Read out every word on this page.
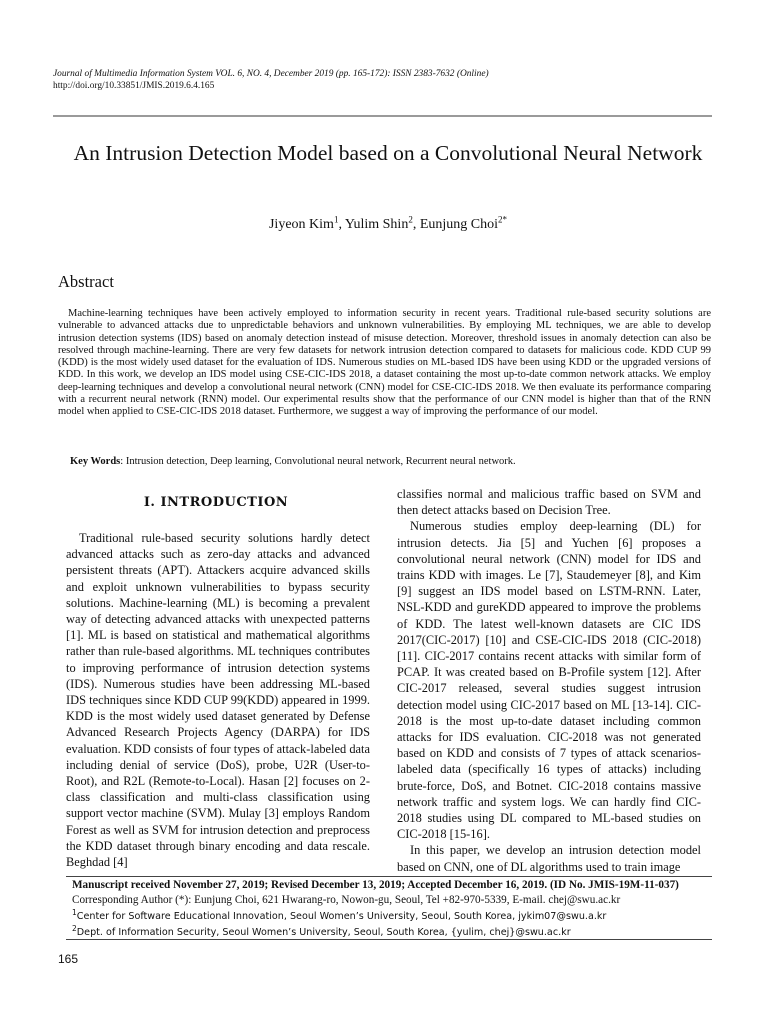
Journal of Multimedia Information System VOL. 6, NO. 4, December 2019 (pp. 165-172): ISSN 2383-7632 (Online)
http://doi.org/10.33851/JMIS.2019.6.4.165
An Intrusion Detection Model based on a Convolutional Neural Network
Jiyeon Kim$^1$, Yulim Shin$^2$, Eunjung Choi$^{2*}$
Abstract
Machine-learning techniques have been actively employed to information security in recent years. Traditional rule-based security solutions are vulnerable to advanced attacks due to unpredictable behaviors and unknown vulnerabilities. By employing ML techniques, we are able to develop intrusion detection systems (IDS) based on anomaly detection instead of misuse detection. Moreover, threshold issues in anomaly detection can also be resolved through machine-learning. There are very few datasets for network intrusion detection compared to datasets for malicious code. KDD CUP 99 (KDD) is the most widely used dataset for the evaluation of IDS. Numerous studies on ML-based IDS have been using KDD or the upgraded versions of KDD. In this work, we develop an IDS model using CSE-CIC-IDS 2018, a dataset containing the most up-to-date common network attacks. We employ deep-learning techniques and develop a convolutional neural network (CNN) model for CSE-CIC-IDS 2018. We then evaluate its performance comparing with a recurrent neural network (RNN) model. Our experimental results show that the performance of our CNN model is higher than that of the RNN model when applied to CSE-CIC-IDS 2018 dataset. Furthermore, we suggest a way of improving the performance of our model.
Key Words: Intrusion detection, Deep learning, Convolutional neural network, Recurrent neural network.
I. INTRODUCTION

Traditional rule-based security solutions hardly detect advanced attacks such as zero-day attacks and advanced persistent threats (APT). Attackers acquire advanced skills and exploit unknown vulnerabilities to bypass security solutions. Machine-learning (ML) is becoming a prevalent way of detecting advanced attacks with unexpected patterns [1]. ML is based on statistical and mathematical algorithms rather than rule-based algorithms. ML techniques contributes to improving performance of intrusion detection systems (IDS). Numerous studies have been addressing ML-based IDS techniques since KDD CUP 99(KDD) appeared in 1999. KDD is the most widely used dataset generated by Defense Advanced Research Projects Agency (DARPA) for IDS evaluation. KDD consists of four types of attack-labeled data including denial of service (DoS), probe, U2R (User-to-Root), and R2L (Remote-to-Local). Hasan [2] focuses on 2-class classification and multi-class classification using support vector machine (SVM). Mulay [3] employs Random Forest as well as SVM for intrusion detection and preprocess the KDD dataset through binary encoding and data rescale. Beghdad [4]

classifies normal and malicious traffic based on SVM and then detect attacks based on Decision Tree.

Numerous studies employ deep-learning (DL) for intrusion detects. Jia [5] and Yuchen [6] proposes a convolutional neural network (CNN) model for IDS and trains KDD with images. Le [7], Staudemeyer [8], and Kim [9] suggest an IDS model based on LSTM-RNN. Later, NSL-KDD and gureKDD appeared to improve the problems of KDD. The latest well-known datasets are CIC IDS 2017(CIC-2017) [10] and CSE-CIC-IDS 2018 (CIC-2018) [11]. CIC-2017 contains recent attacks with similar form of PCAP. It was created based on B-Profile system [12]. After CIC-2017 released, several studies suggest intrusion detection model using CIC-2017 based on ML [13-14]. CIC-2018 is the most up-to-date dataset including common attacks for IDS evaluation. CIC-2018 was not generated based on KDD and consists of 7 types of attack scenarios-labeled data (specifically 16 types of attacks) including brute-force, DoS, and Botnet. CIC-2018 contains massive network traffic and system logs. We can hardly find CIC-2018 studies using DL compared to ML-based studies on CIC-2018 [15-16].

In this paper, we develop an intrusion detection model based on CNN, one of DL algorithms used to train image

Manuscript received November 27, 2019; Revised December 13, 2019; Accepted December 16, 2019. (ID No. JMIS-19M-11-037)
Corresponding Author (*): Eunjung Choi, 621 Hwarang-ro, Nowon-gu, Seoul, Tel +82-970-5339, E-mail. chej@swu.ac.kr
$^1$Center for Software Educational Innovation, Seoul Women’s University, Seoul, South Korea, jykim07@swu.a.kr
$^2$Dept. of Information Security, Seoul Women’s University, Seoul, South Korea, {yulim, chej}@swu.ac.kr
165
